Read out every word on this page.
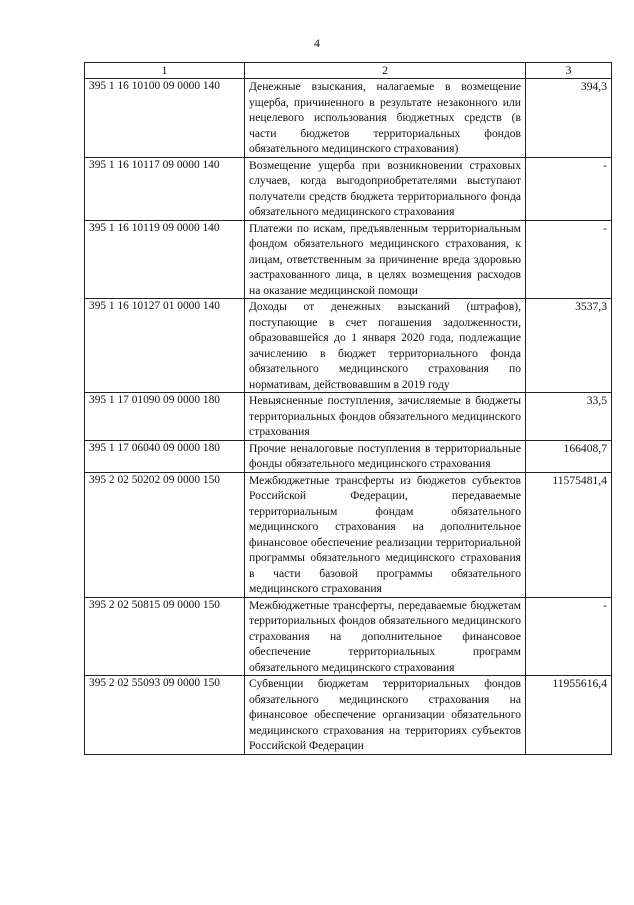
4
1	2	3
395 1 16 10100 09 0000 140	Денежные взыскания, налагаемые в возмещение ущерба, причиненного в результате незаконного или нецелевого использования бюджетных средств (в части бюджетов территориальных фондов обязательного медицинского страхования)	394,3
395 1 16 10117 09 0000 140	Возмещение ущерба при возникновении страховых случаев, когда выгодоприобретателями выступают получатели средств бюджета территориального фонда обязательного медицинского страхования	-
395 1 16 10119 09 0000 140	Платежи по искам, предъявленным территориальным фондом обязательного медицинского страхования, к лицам, ответственным за причинение вреда здоровью застрахованного лица, в целях возмещения расходов на оказание медицинской помощи	-
395 1 16 10127 01 0000 140	Доходы от денежных взысканий (штрафов), поступающие в счет погашения задолженности, образовавшейся до 1 января 2020 года, подлежащие зачислению в бюджет территориального фонда обязательного медицинского страхования по нормативам, действовавшим в 2019 году	3537,3
395 1 17 01090 09 0000 180	Невыясненные поступления, зачисляемые в бюджеты территориальных фондов обязательного медицинского страхования	33,5
395 1 17 06040 09 0000 180	Прочие неналоговые поступления в территориальные фонды обязательного медицинского страхования	166408,7
395 2 02 50202 09 0000 150	Межбюджетные трансферты из бюджетов субъектов Российской Федерации, передаваемые территориальным фондам обязательного медицинского страхования на дополнительное финансовое обеспечение реализации территориальной программы обязательного медицинского страхования в части базовой программы обязательного медицинского страхования	11575481,4
395 2 02 50815 09 0000 150	Межбюджетные трансферты, передаваемые бюджетам территориальных фондов обязательного медицинского страхования на дополнительное финансовое обеспечение территориальных программ обязательного медицинского страхования	-
395 2 02 55093 09 0000 150	Субвенции бюджетам территориальных фондов обязательного медицинского страхования на финансовое обеспечение организации обязательного медицинского страхования на территориях субъектов Российской Федерации	11955616,4
